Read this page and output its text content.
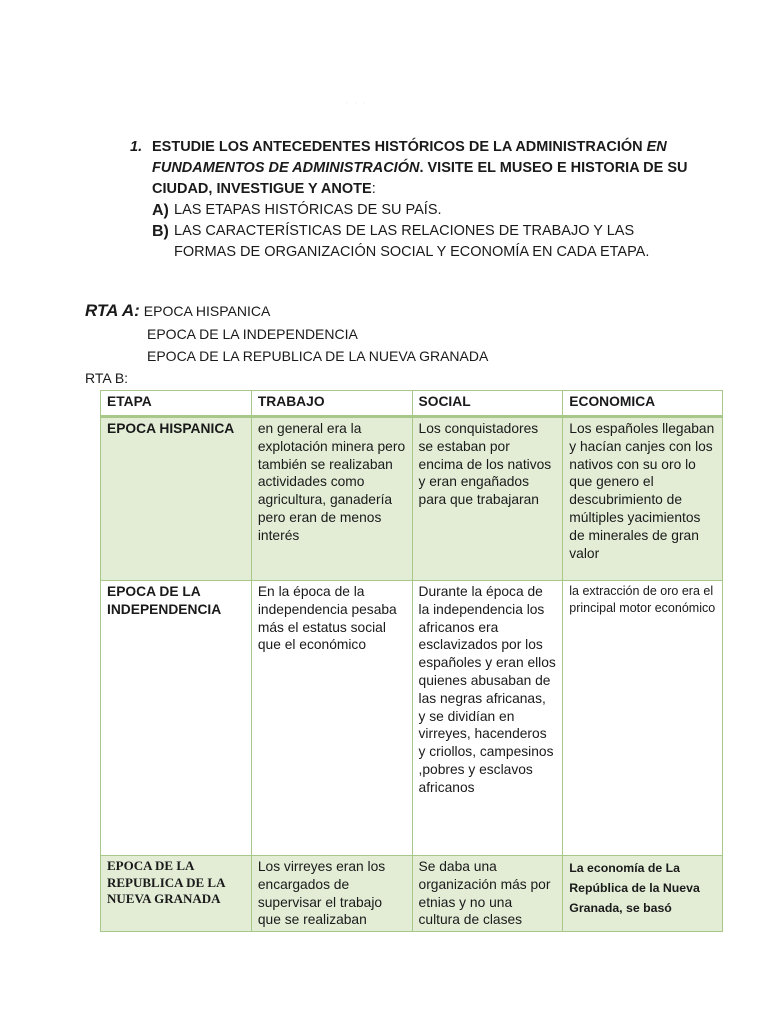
· · ·
1. ESTUDIE LOS ANTECEDENTES HISTÓRICOS DE LA ADMINISTRACIÓN EN FUNDAMENTOS DE ADMINISTRACIÓN. VISITE EL MUSEO E HISTORIA DE SU CIUDAD, INVESTIGUE Y ANOTE:
A) LAS ETAPAS HISTÓRICAS DE SU PAÍS.
B) LAS CARACTERÍSTICAS DE LAS RELACIONES DE TRABAJO Y LAS FORMAS DE ORGANIZACIÓN SOCIAL Y ECONOMÍA EN CADA ETAPA.
RTA A: EPOCA HISPANICA
EPOCA DE LA INDEPENDENCIA
EPOCA DE LA REPUBLICA DE LA NUEVA GRANADA
RTA B:
ETAPA	TRABAJO	SOCIAL	ECONOMICA
EPOCA HISPANICA	en general era la explotación minera pero también se realizaban actividades como agricultura, ganadería pero eran de menos interés	Los conquistadores se estaban por encima de los nativos y eran engañados para que trabajaran	Los españoles llegaban y hacían canjes con los nativos con su oro lo que genero el descubrimiento de múltiples yacimientos de minerales de gran valor
EPOCA DE LA INDEPENDENCIA	En la época de la independencia pesaba más el estatus social que el económico	Durante la época de la independencia los africanos era esclavizados por los españoles y eran ellos quienes abusaban de las negras africanas, y se dividían en virreyes, hacenderos y criollos, campesinos ,pobres y esclavos africanos	la extracción de oro era el principal motor económico
EPOCA DE LA REPUBLICA DE LA NUEVA GRANADA	Los virreyes eran los encargados de supervisar el trabajo que se realizaban	Se daba una organización más por etnias y no una cultura de clases	La economía de La República de la Nueva Granada, se basó
